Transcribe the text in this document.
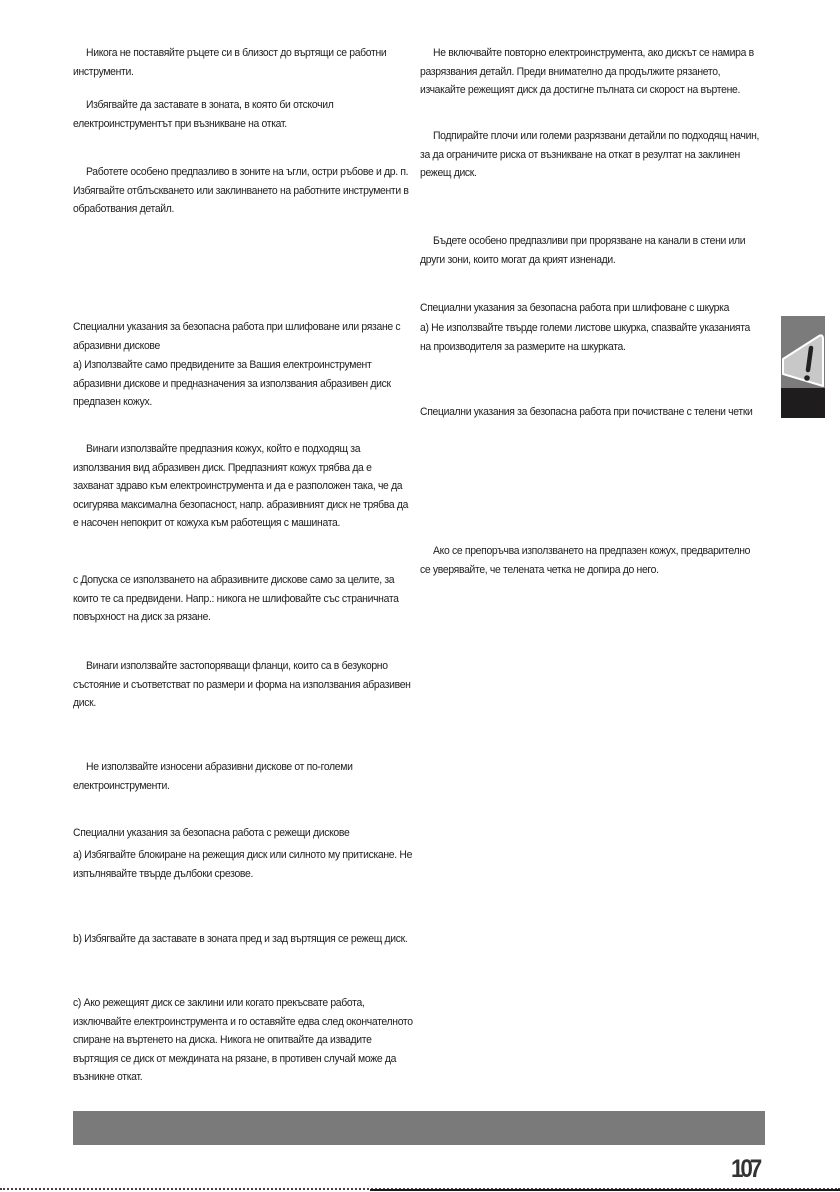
Никога не поставяйте ръцете си в близост до въртящи се работни инструменти.

Избягвайте да заставате в зоната, в която би отскочил електроинструментът при възникване на откат.

Работете особено предпазливо в зоните на ъгли, остри ръбове и др. п. Избягвайте отблъскването или заклинването на работните инструменти в обработвания детайл.

Специални указания за безопасна работа при шлифоване или рязане с абразивни дискове

а) Използвайте само предвидените за Вашия електроинструмент абразивни дискове и предназначения за използвания абразивен диск предпазен кожух.

Винаги използвайте предпазния кожух, който е подходящ за използвания вид абразивен диск. Предпазният кожух трябва да е захванат здраво към електроинструмента и да е разположен така, че да осигурява максимална безопасност, напр. абразивният диск не трябва да е насочен непокрит от кожуха към работещия с машината.

с Допуска се използването на абразивните дискове само за целите, за които те са предвидени. Напр.: никога не шлифовайте със страничната повърхност на диск за рязане.

Винаги използвайте застопоряващи фланци, които са в безукорно състояние и съответстват по размери и форма на използвания абразивен диск.

Не използвайте износени абразивни дискове от по-големи електроинструменти.

Специални указания за безопасна работа с режещи дискове

а) Избягвайте блокиране на режещия диск или силното му притискане. Не изпълнявайте твърде дълбоки срезове.

b) Избягвайте да заставате в зоната пред и зад въртящия се режещ диск.

с) Ако режещият диск се заклини или когато прекъсвате работа, изключвайте електроинструмента и го оставяйте едва след окончателното спиране на въртенето на диска. Никога не опитвайте да извадите въртящия се диск от междината на рязане, в противен случай може да възникне откат.

Не включвайте повторно електроинструмента, ако дискът се намира в разрязвания детайл. Преди внимателно да продължите рязането, изчакайте режещият диск да достигне пълната си скорост на въртене.

Подпирайте плочи или големи разрязвани детайли по подходящ начин, за да ограничите риска от възникване на откат в резултат на заклинен режещ диск.

Бъдете особено предпазливи при прорязване на канали в стени или други зони, които могат да крият изненади.

Специални указания за безопасна работа при шлифоване с шкурка

а) Не използвайте твърде големи листове шкурка, спазвайте указанията на производителя за размерите на шкурката.

Специални указания за безопасна работа при почистване с телени четки

Ако се препоръчва използването на предпазен кожух, предварително се уверявайте, че телената четка не допира до него.

107
